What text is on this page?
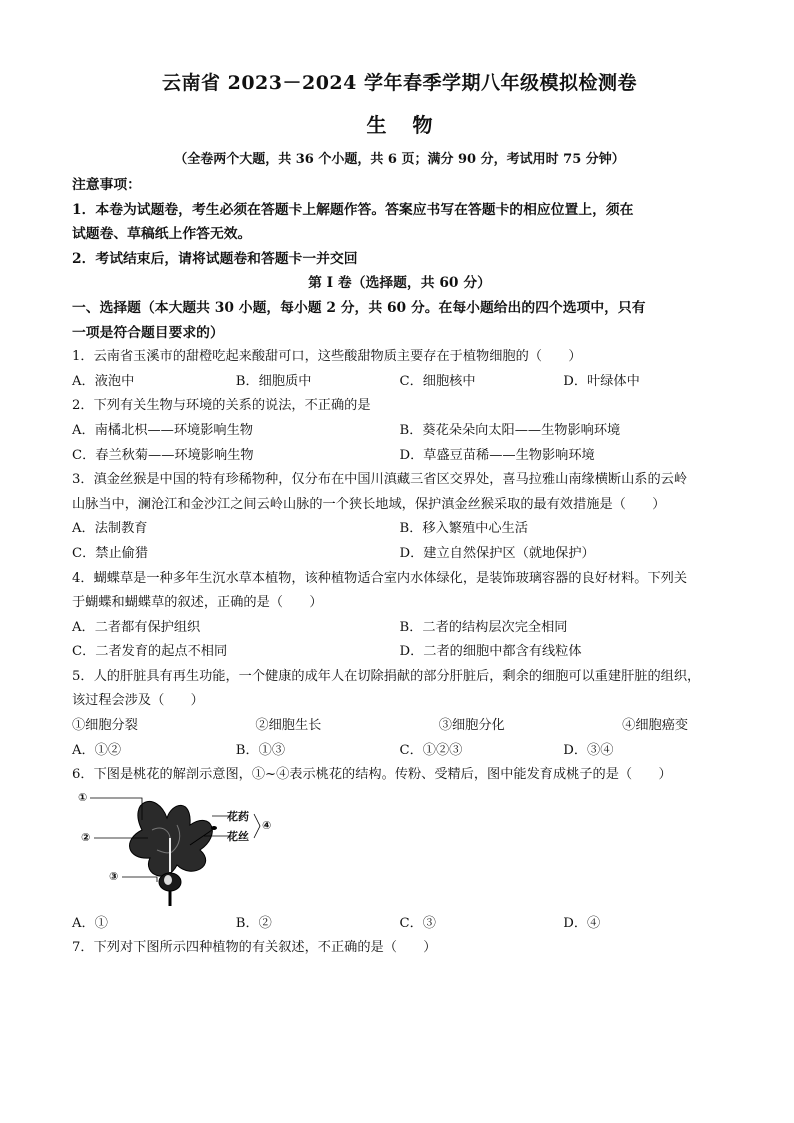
云南省 2023－2024 学年春季学期八年级模拟检测卷
生物
（全卷两个大题，共 36 个小题，共 6 页；满分 90 分，考试用时 75 分钟）

注意事项：

1．本卷为试题卷，考生必须在答题卡上解题作答。答案应书写在答题卡的相应位置上，须在

试题卷、草稿纸上作答无效。

2．考试结束后，请将试题卷和答题卡一并交回

第 I 卷（选择题，共 60 分）

一、选择题（本大题共 30 小题，每小题 2 分，共 60 分。在每小题给出的四个选项中，只有

一项是符合题目要求的）

1．云南省玉溪市的甜橙吃起来酸甜可口，这些酸甜物质主要存在于植物细胞的（　　）

A．液泡中	B．细胞质中	C．细胞核中	D．叶绿体中

2．下列有关生物与环境的关系的说法，不正确的是

A．南橘北枳——环境影响生物	B．葵花朵朵向太阳——生物影响环境
C．春兰秋菊——环境影响生物	D．草盛豆苗稀——生物影响环境

3．滇金丝猴是中国的特有珍稀物种，仅分布在中国川滇藏三省区交界处，喜马拉雅山南缘横断山系的云岭

山脉当中，澜沧江和金沙江之间云岭山脉的一个狭长地域，保护滇金丝猴采取的最有效措施是（　　）

A．法制教育	B．移入繁殖中心生活
C．禁止偷猎	D．建立自然保护区（就地保护）

4．蝴蝶草是一种多年生沉水草本植物，该种植物适合室内水体绿化，是装饰玻璃容器的良好材料。下列关

于蝴蝶和蝴蝶草的叙述，正确的是（　　）

A．二者都有保护组织	B．二者的结构层次完全相同
C．二者发育的起点不相同	D．二者的细胞中都含有线粒体

5．人的肝脏具有再生功能，一个健康的成年人在切除捐献的部分肝脏后，剩余的细胞可以重建肝脏的组织，

该过程会涉及（　　）

①细胞分裂	②细胞生长	③细胞分化	④细胞癌变
A．①②	B．①③	C．①②③	D．③④

6．下图是桃花的解剖示意图，①~④表示桃花的结构。传粉、受精后，图中能发育成桃子的是（　　）

①
②
③
花药
花丝
④
A．①	B．②	C．③	D．④

7．下列对下图所示四种植物的有关叙述，不正确的是（　　）
